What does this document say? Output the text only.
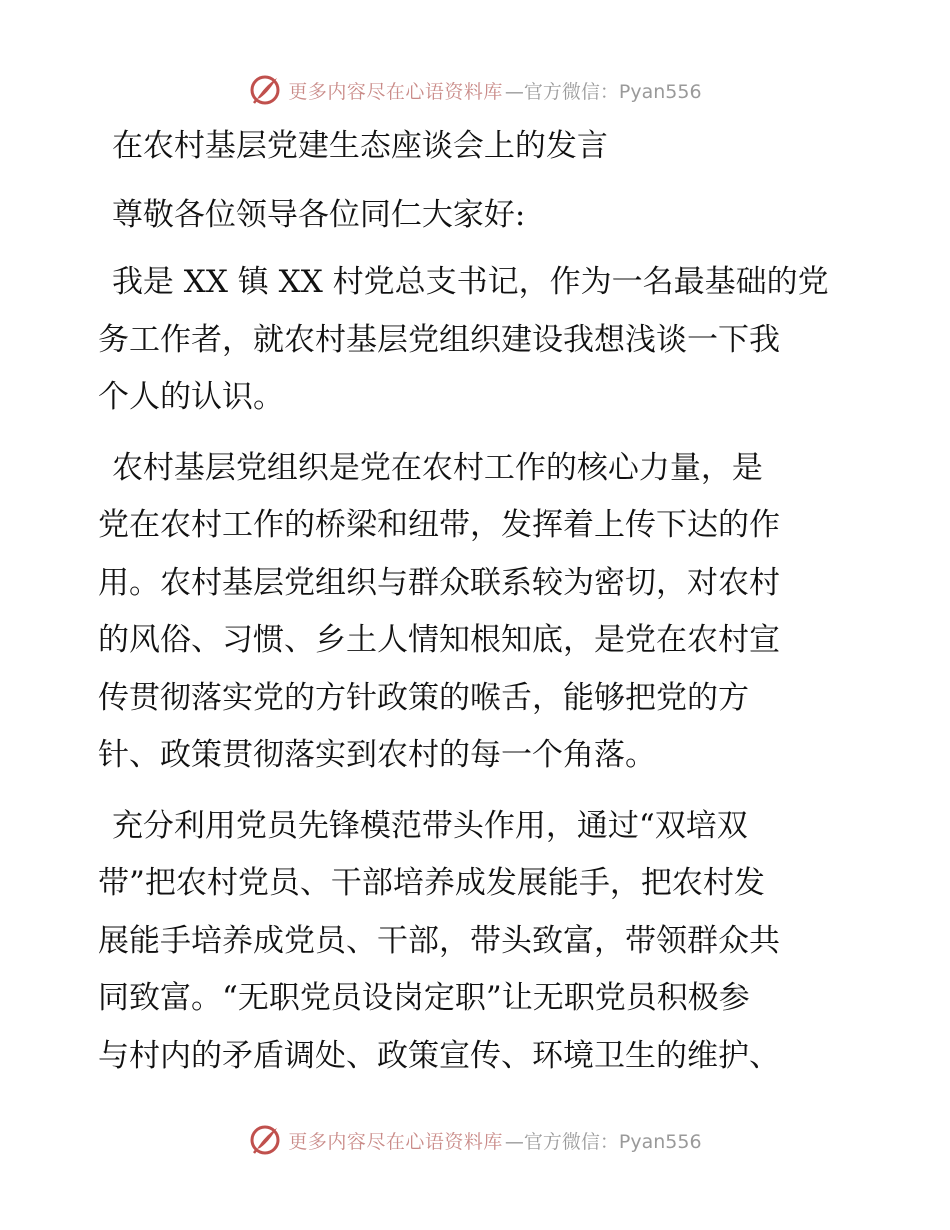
更多内容尽在心语资料库 —官方微信：Pyan556

在农村基层党建生态座谈会上的发言

尊敬各位领导各位同仁大家好:

我是 XX 镇 XX 村党总支书记，作为一名最基础的党
务工作者，就农村基层党组织建设我想浅谈一下我
个人的认识。

农村基层党组织是党在农村工作的核心力量，是
党在农村工作的桥梁和纽带，发挥着上传下达的作
用。农村基层党组织与群众联系较为密切，对农村
的风俗、习惯、乡土人情知根知底，是党在农村宣
传贯彻落实党的方针政策的喉舌，能够把党的方
针、政策贯彻落实到农村的每一个角落。

充分利用党员先锋模范带头作用，通过“双培双
带”把农村党员、干部培养成发展能手，把农村发
展能手培养成党员、干部，带头致富，带领群众共
同致富。“无职党员设岗定职”让无职党员积极参
与村内的矛盾调处、政策宣传、环境卫生的维护、

更多内容尽在心语资料库 —官方微信：Pyan556
